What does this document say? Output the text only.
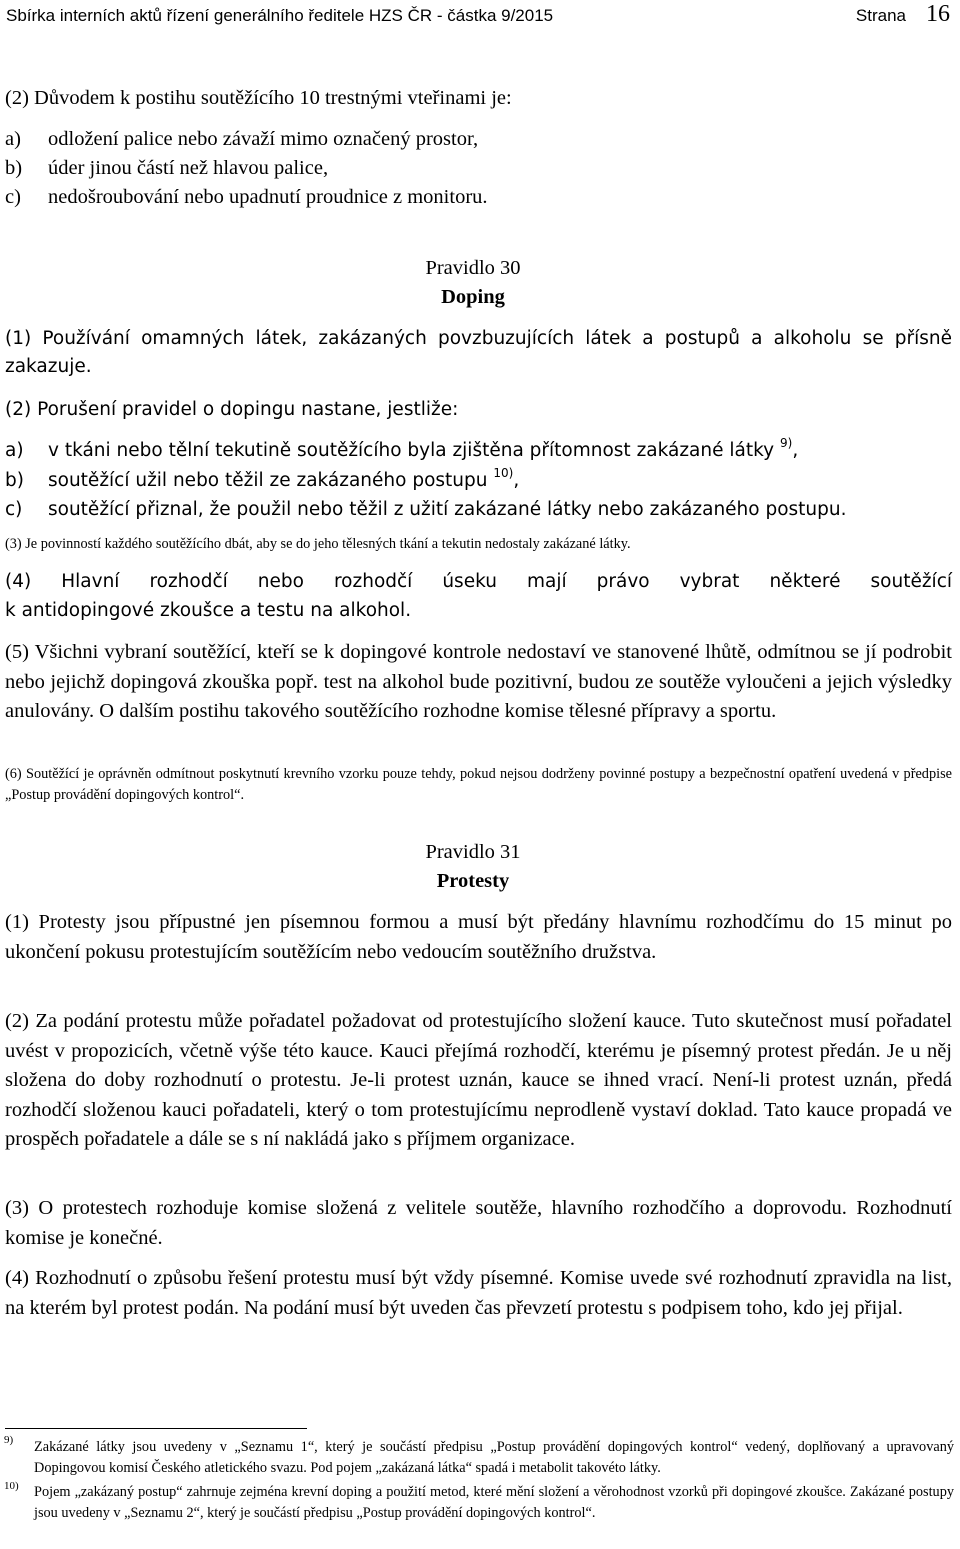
Sbírka interních aktů řízení generálního ředitele HZS ČR - částka 9/2015	Strana 16
(2) Důvodem k postihu soutěžícího 10 trestnými vteřinami je:
a) odložení palice nebo závaží mimo označený prostor,
b) úder jinou částí než hlavou palice,
c) nedošroubování nebo upadnutí proudnice z monitoru.
Pravidlo 30
Doping
(1) Používání omamných látek, zakázaných povzbuzujících látek a postupů a alkoholu se přísně zakazuje.
(2) Porušení pravidel o dopingu nastane, jestliže:
a) v tkáni nebo tělní tekutině soutěžícího byla zjištěna přítomnost zakázané látky $^{9)}$,
b) soutěžící užil nebo těžil ze zakázaného postupu $^{10)}$,
c) soutěžící přiznal, že použil nebo těžil z užití zakázané látky nebo zakázaného postupu.
(3) Je povinností každého soutěžícího dbát, aby se do jeho tělesných tkání a tekutin nedostaly zakázané látky.
(4) Hlavní rozhodčí nebo rozhodčí úseku mají právo vybrat některé soutěžící
k antidopingové zkoušce a testu na alkohol.
(5) Všichni vybraní soutěžící, kteří se k dopingové kontrole nedostaví ve stanovené lhůtě, odmítnou se jí podrobit nebo jejichž dopingová zkouška popř. test na alkohol bude pozitivní, budou ze soutěže vyloučeni a jejich výsledky anulovány. O dalším postihu takového soutěžícího rozhodne komise tělesné přípravy a sportu.
(6) Soutěžící je oprávněn odmítnout poskytnutí krevního vzorku pouze tehdy, pokud nejsou dodrženy povinné postupy a bezpečnostní opatření uvedená v předpise „Postup provádění dopingových kontrol“.
Pravidlo 31
Protesty
(1) Protesty jsou přípustné jen písemnou formou a musí být předány hlavnímu rozhodčímu do 15 minut po ukončení pokusu protestujícím soutěžícím nebo vedoucím soutěžního družstva.
(2) Za podání protestu může pořadatel požadovat od protestujícího složení kauce. Tuto skutečnost musí pořadatel uvést v propozicích, včetně výše této kauce. Kauci přejímá rozhodčí, kterému je písemný protest předán. Je u něj složena do doby rozhodnutí o protestu. Je-li protest uznán, kauce se ihned vrací. Není-li protest uznán, předá rozhodčí složenou kauci pořadateli, který o tom protestujícímu neprodleně vystaví doklad. Tato kauce propadá ve prospěch pořadatele a dále se s ní nakládá jako s příjmem organizace.
(3) O protestech rozhoduje komise složená z velitele soutěže, hlavního rozhodčího a doprovodu. Rozhodnutí komise je konečné.
(4) Rozhodnutí o způsobu řešení protestu musí být vždy písemné. Komise uvede své rozhodnutí zpravidla na list, na kterém byl protest podán. Na podání musí být uveden čas převzetí protestu s podpisem toho, kdo jej přijal.
9) Zakázané látky jsou uvedeny v „Seznamu 1“, který je součástí předpisu „Postup provádění dopingových kontrol“ vedený, doplňovaný a upravovaný Dopingovou komisí Českého atletického svazu. Pod pojem „zakázaná látka“ spadá i metabolit takovéto látky.
10) Pojem „zakázaný postup“ zahrnuje zejména krevní doping a použití metod, které mění složení a věrohodnost vzorků při dopingové zkoušce. Zakázané postupy jsou uvedeny v „Seznamu 2“, který je součástí předpisu „Postup provádění dopingových kontrol“.
